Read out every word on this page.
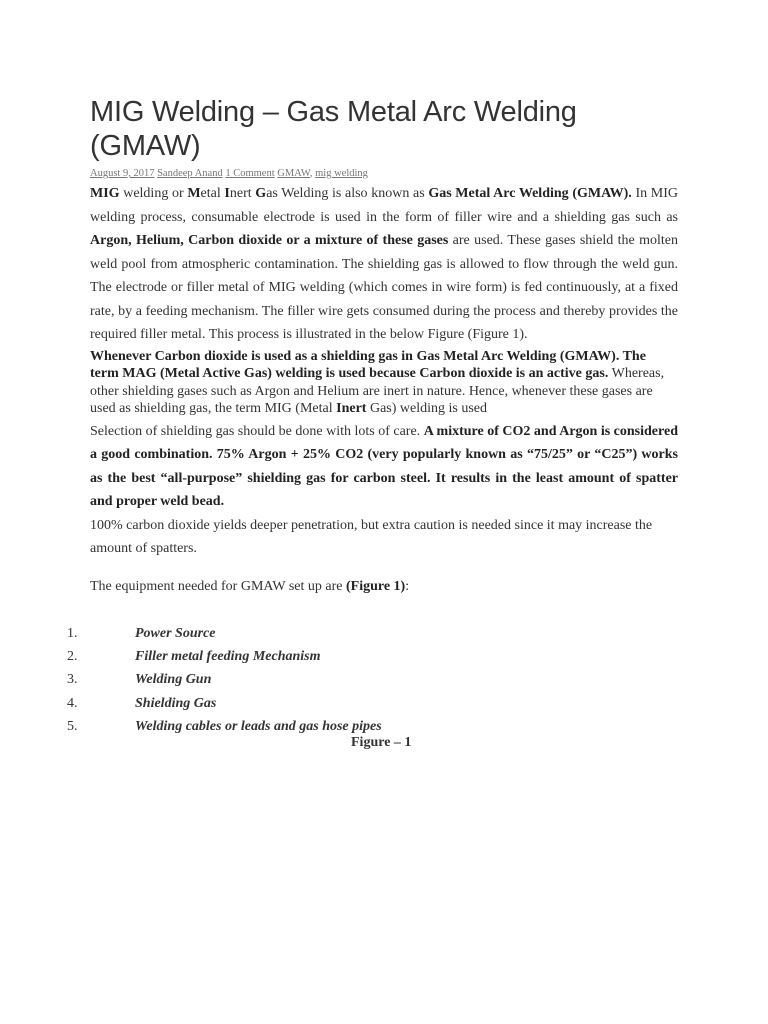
MIG Welding – Gas Metal Arc Welding (GMAW)
August 9, 2017 Sandeep Anand 1 Comment GMAW, mig welding
MIG welding or Metal Inert Gas Welding is also known as Gas Metal Arc Welding (GMAW). In MIG welding process, consumable electrode is used in the form of filler wire and a shielding gas such as Argon, Helium, Carbon dioxide or a mixture of these gases are used. These gases shield the molten weld pool from atmospheric contamination. The shielding gas is allowed to flow through the weld gun. The electrode or filler metal of MIG welding (which comes in wire form) is fed continuously, at a fixed rate, by a feeding mechanism. The filler wire gets consumed during the process and thereby provides the required filler metal. This process is illustrated in the below Figure (Figure 1).
Whenever Carbon dioxide is used as a shielding gas in Gas Metal Arc Welding (GMAW). The term MAG (Metal Active Gas) welding is used because Carbon dioxide is an active gas. Whereas, other shielding gases such as Argon and Helium are inert in nature. Hence, whenever these gases are used as shielding gas, the term MIG (Metal Inert Gas) welding is used
Selection of shielding gas should be done with lots of care. A mixture of CO2 and Argon is considered a good combination. 75% Argon + 25% CO2 (very popularly known as “75/25” or “C25”) works as the best “all-purpose” shielding gas for carbon steel. It results in the least amount of spatter and proper weld bead.
100% carbon dioxide yields deeper penetration, but extra caution is needed since it may increase the amount of spatters.
The equipment needed for GMAW set up are (Figure 1):
1.	Power Source
2.	Filler metal feeding Mechanism
3.	Welding Gun
4.	Shielding Gas
5.	Welding cables or leads and gas hose pipes
Figure – 1
